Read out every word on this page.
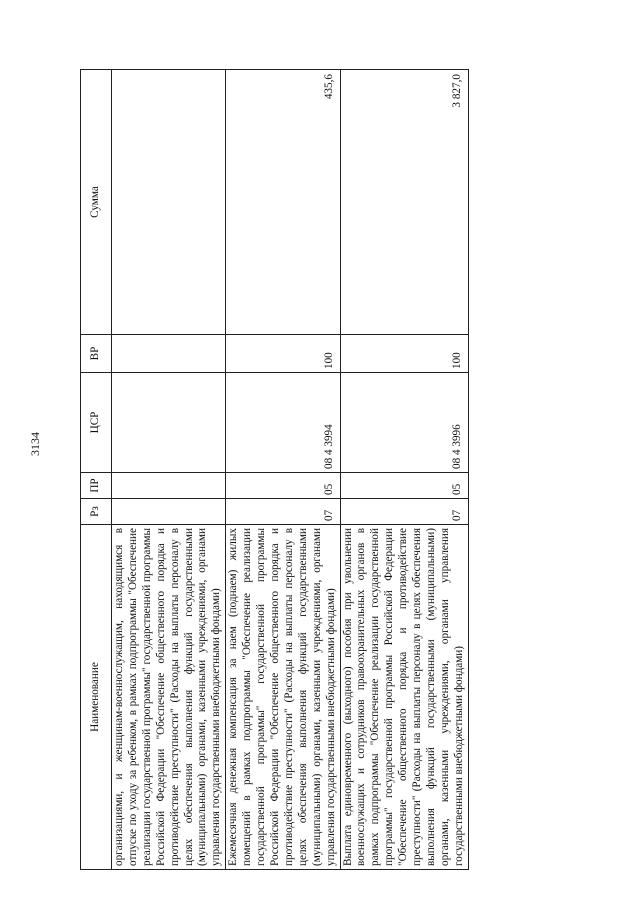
3134
Наименование	Рз	ПР	ЦСР	ВР	Сумма
организациями, и женщинам-военнослужащим, находящимся в отпуске по уходу за ребенком, в рамках подпрограммы "Обеспечение реализации государственной программы" государственной программы Российской Федерации "Обеспечение общественного порядка и противодействие преступности" (Расходы на выплаты персоналу в целях обеспечения выполнения функций государственными (муниципальными) органами, казенными учреждениями, органами управления государственными внебюджетными фондами)					
Ежемесячная денежная компенсация за наем (поднаем) жилых помещений в рамках подпрограммы "Обеспечение реализации государственной программы" государственной программы Российской Федерации "Обеспечение общественного порядка и противодействие преступности" (Расходы на выплаты персоналу в целях обеспечения выполнения функций государственными (муниципальными) органами, казенными учреждениями, органами управления государственными внебюджетными фондами)	07	05	08 4 3994	100	435,6
Выплата единовременного (выходного) пособия при увольнении военнослужащих и сотрудников правоохранительных органов в рамках подпрограммы "Обеспечение реализации государственной программы" государственной программы Российской Федерации "Обеспечение общественного порядка и противодействие преступности" (Расходы на выплаты персоналу в целях обеспечения выполнения функций государственными (муниципальными) органами, казенными учреждениями, органами управления государственными внебюджетными фондами)	07	05	08 4 3996	100	3 827,0
